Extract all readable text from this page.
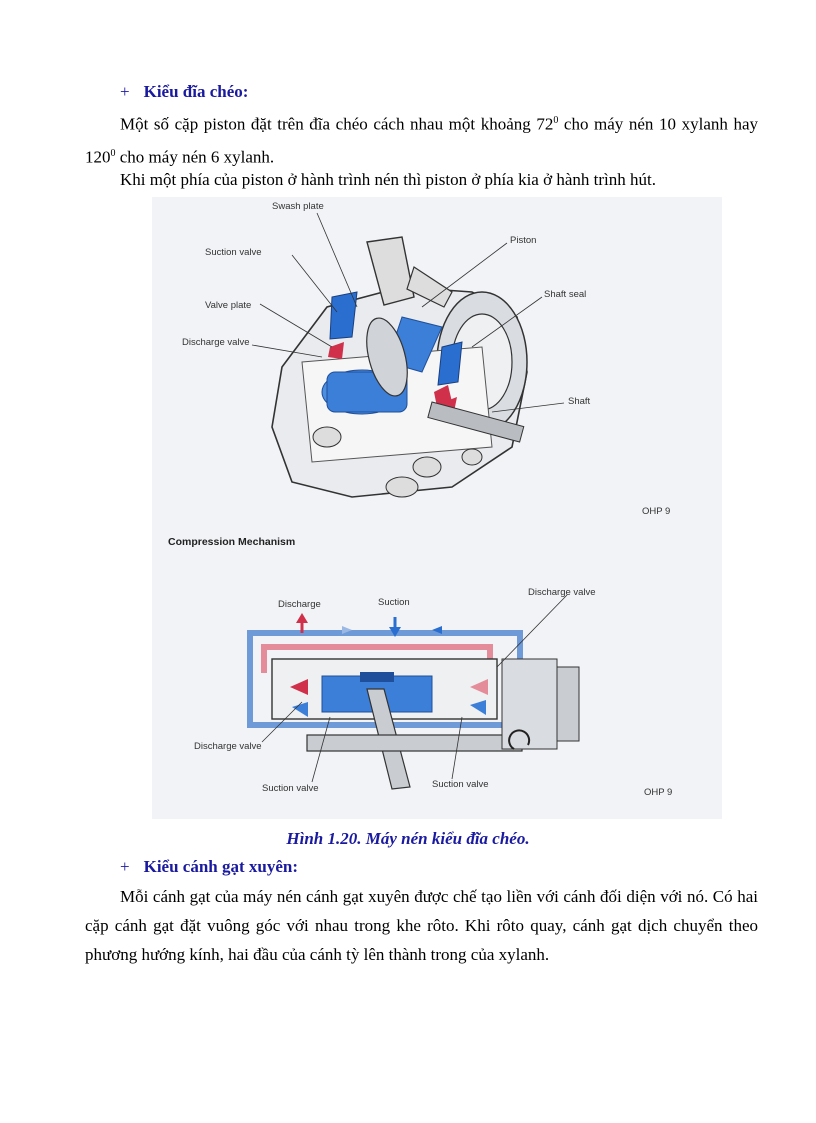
+ Kiểu đĩa chéo:

Một số cặp piston đặt trên đĩa chéo cách nhau một khoảng $72^0$ cho máy nén 10 xylanh hay $120^0$ cho máy nén 6 xylanh.

Khi một phía của piston ở hành trình nén thì piston ở phía kia ở hành trình hút.

Swash plate
Piston
Suction valve
Shaft seal
Valve plate
Discharge valve
Shaft
OHP 9
Compression Mechanism
Discharge	Suction
Discharge valve
Discharge valve
Suction valve	Suction valve
OHP 9
Hình 1.20. Máy nén kiểu đĩa chéo.
+ Kiểu cánh gạt xuyên:

Mỗi cánh gạt của máy nén cánh gạt xuyên được chế tạo liền với cánh đối diện với nó. Có hai cặp cánh gạt đặt vuông góc với nhau trong khe rôto. Khi rôto quay, cánh gạt dịch chuyển theo phương hướng kính, hai đầu của cánh tỳ lên thành trong của xylanh.
